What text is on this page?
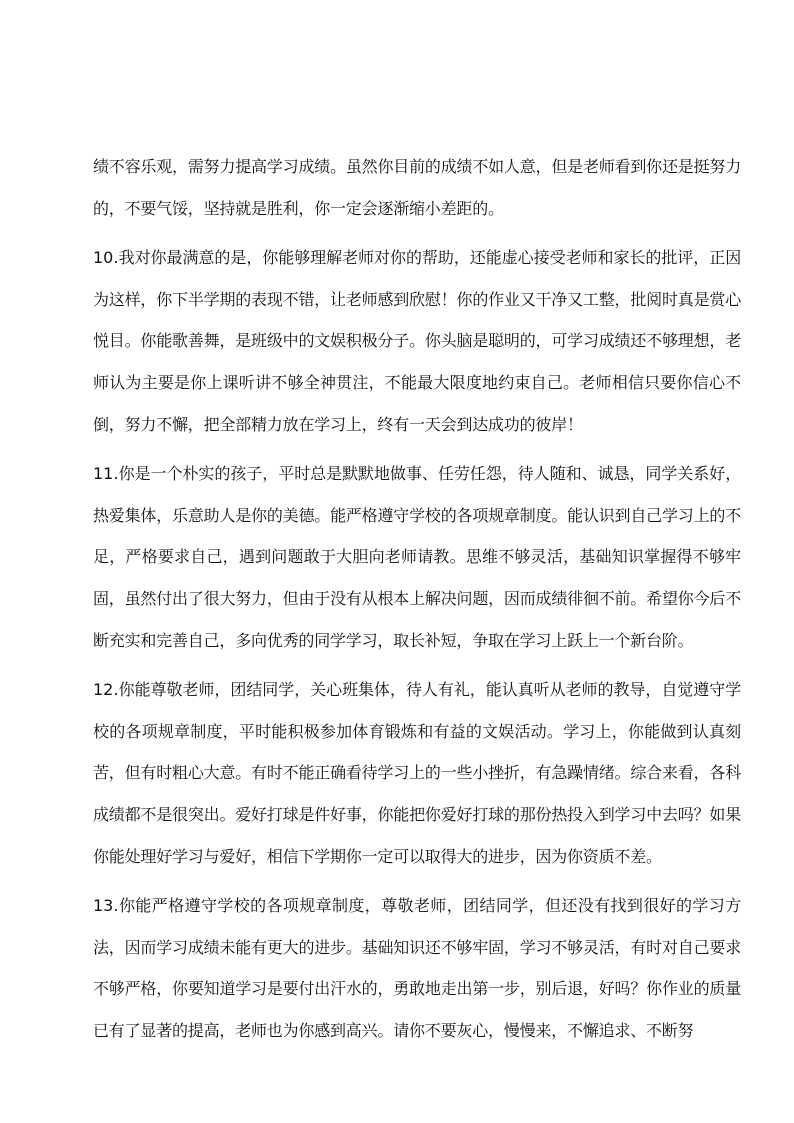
绩不容乐观，需努力提高学习成绩。虽然你目前的成绩不如人意，但是老师看到你还是挺努力的，不要气馁，坚持就是胜利，你一定会逐渐缩小差距的。

10.我对你最满意的是，你能够理解老师对你的帮助，还能虚心接受老师和家长的批评，正因为这样，你下半学期的表现不错，让老师感到欣慰！你的作业又干净又工整，批阅时真是赏心悦目。你能歌善舞，是班级中的文娱积极分子。你头脑是聪明的，可学习成绩还不够理想，老师认为主要是你上课听讲不够全神贯注，不能最大限度地约束自己。老师相信只要你信心不倒，努力不懈，把全部精力放在学习上，终有一天会到达成功的彼岸！

11.你是一个朴实的孩子，平时总是默默地做事、任劳任怨，待人随和、诚恳，同学关系好，热爱集体，乐意助人是你的美德。能严格遵守学校的各项规章制度。能认识到自己学习上的不足，严格要求自己，遇到问题敢于大胆向老师请教。思维不够灵活，基础知识掌握得不够牢固，虽然付出了很大努力，但由于没有从根本上解决问题，因而成绩徘徊不前。希望你今后不断充实和完善自己，多向优秀的同学学习，取长补短，争取在学习上跃上一个新台阶。

12.你能尊敬老师，团结同学，关心班集体，待人有礼，能认真听从老师的教导，自觉遵守学校的各项规章制度，平时能积极参加体育锻炼和有益的文娱活动。学习上，你能做到认真刻苦，但有时粗心大意。有时不能正确看待学习上的一些小挫折，有急躁情绪。综合来看，各科成绩都不是很突出。爱好打球是件好事，你能把你爱好打球的那份热投入到学习中去吗？如果你能处理好学习与爱好，相信下学期你一定可以取得大的进步，因为你资质不差。

13.你能严格遵守学校的各项规章制度，尊敬老师，团结同学，但还没有找到很好的学习方法，因而学习成绩未能有更大的进步。基础知识还不够牢固，学习不够灵活，有时对自己要求不够严格，你要知道学习是要付出汗水的，勇敢地走出第一步，别后退，好吗？你作业的质量已有了显著的提高，老师也为你感到高兴。请你不要灰心，慢慢来，不懈追求、不断努
